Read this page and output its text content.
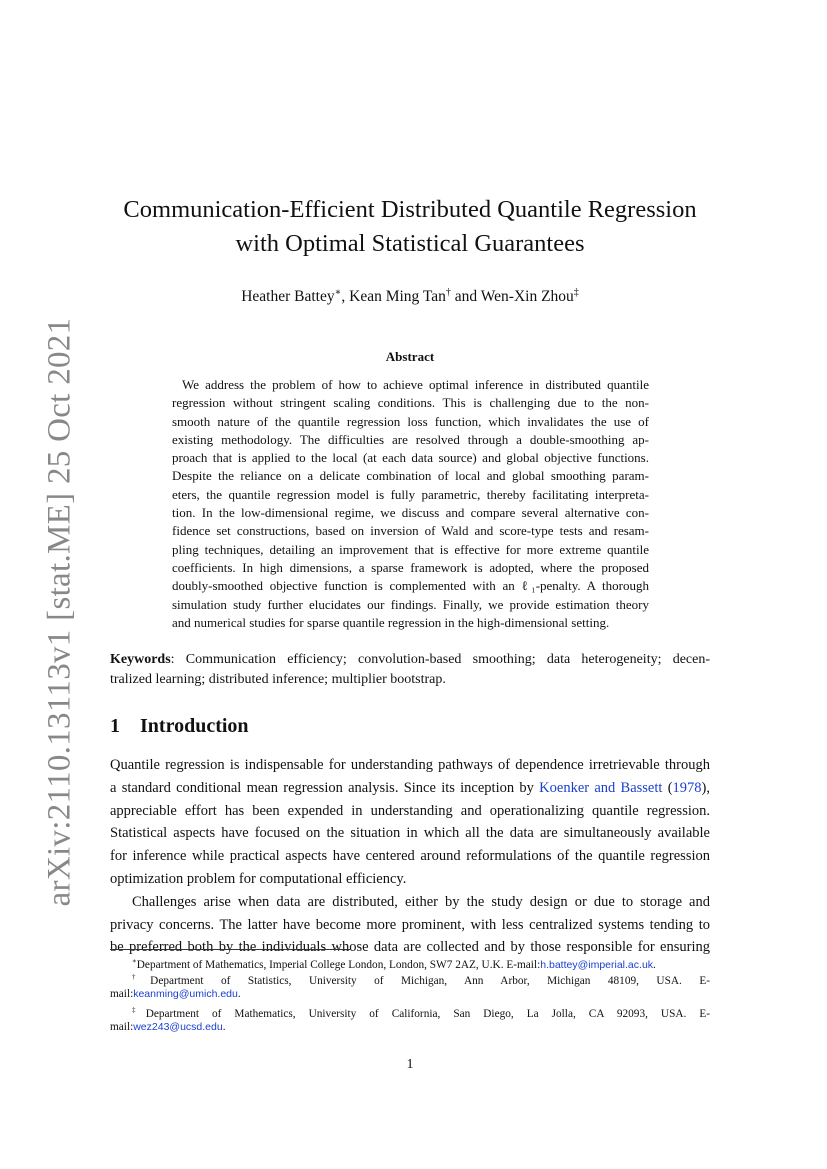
arXiv:2110.13113v1 [stat.ME] 25 Oct 2021
Communication-Efficient Distributed Quantile Regression
with Optimal Statistical Guarantees
Heather Battey∗, Kean Ming Tan† and Wen-Xin Zhou‡
Abstract
We address the problem of how to achieve optimal inference in distributed quantile
regression without stringent scaling conditions. This is challenging due to the non-
smooth nature of the quantile regression loss function, which invalidates the use of
existing methodology. The difficulties are resolved through a double-smoothing ap-
proach that is applied to the local (at each data source) and global objective functions.
Despite the reliance on a delicate combination of local and global smoothing param-
eters, the quantile regression model is fully parametric, thereby facilitating interpreta-
tion. In the low-dimensional regime, we discuss and compare several alternative con-
fidence set constructions, based on inversion of Wald and score-type tests and resam-
pling techniques, detailing an improvement that is effective for more extreme quantile
coefficients. In high dimensions, a sparse framework is adopted, where the proposed
doubly-smoothed objective function is complemented with an ℓ₁-penalty. A thorough
simulation study further elucidates our findings. Finally, we provide estimation theory
and numerical studies for sparse quantile regression in the high-dimensional setting.
Keywords: Communication efficiency; convolution-based smoothing; data heterogeneity; decen-
tralized learning; distributed inference; multiplier bootstrap.
1 Introduction
Quantile regression is indispensable for understanding pathways of dependence irretrievable through
a standard conditional mean regression analysis. Since its inception by Koenker and Bassett (1978),
appreciable effort has been expended in understanding and operationalizing quantile regression.
Statistical aspects have focused on the situation in which all the data are simultaneously available
for inference while practical aspects have centered around reformulations of the quantile regression
optimization problem for computational efficiency.
Challenges arise when data are distributed, either by the study design or due to storage and
privacy concerns. The latter have become more prominent, with less centralized systems tending to
be preferred both by the individuals whose data are collected and by those responsible for ensuring
∗Department of Mathematics, Imperial College London, London, SW7 2AZ, U.K. E-mail:h.battey@imperial.ac.uk.
†Department of Statistics, University of Michigan, Ann Arbor, Michigan 48109, USA. E-
mail:keanming@umich.edu.
‡Department of Mathematics, University of California, San Diego, La Jolla, CA 92093, USA. E-
mail:wez243@ucsd.edu.
1
